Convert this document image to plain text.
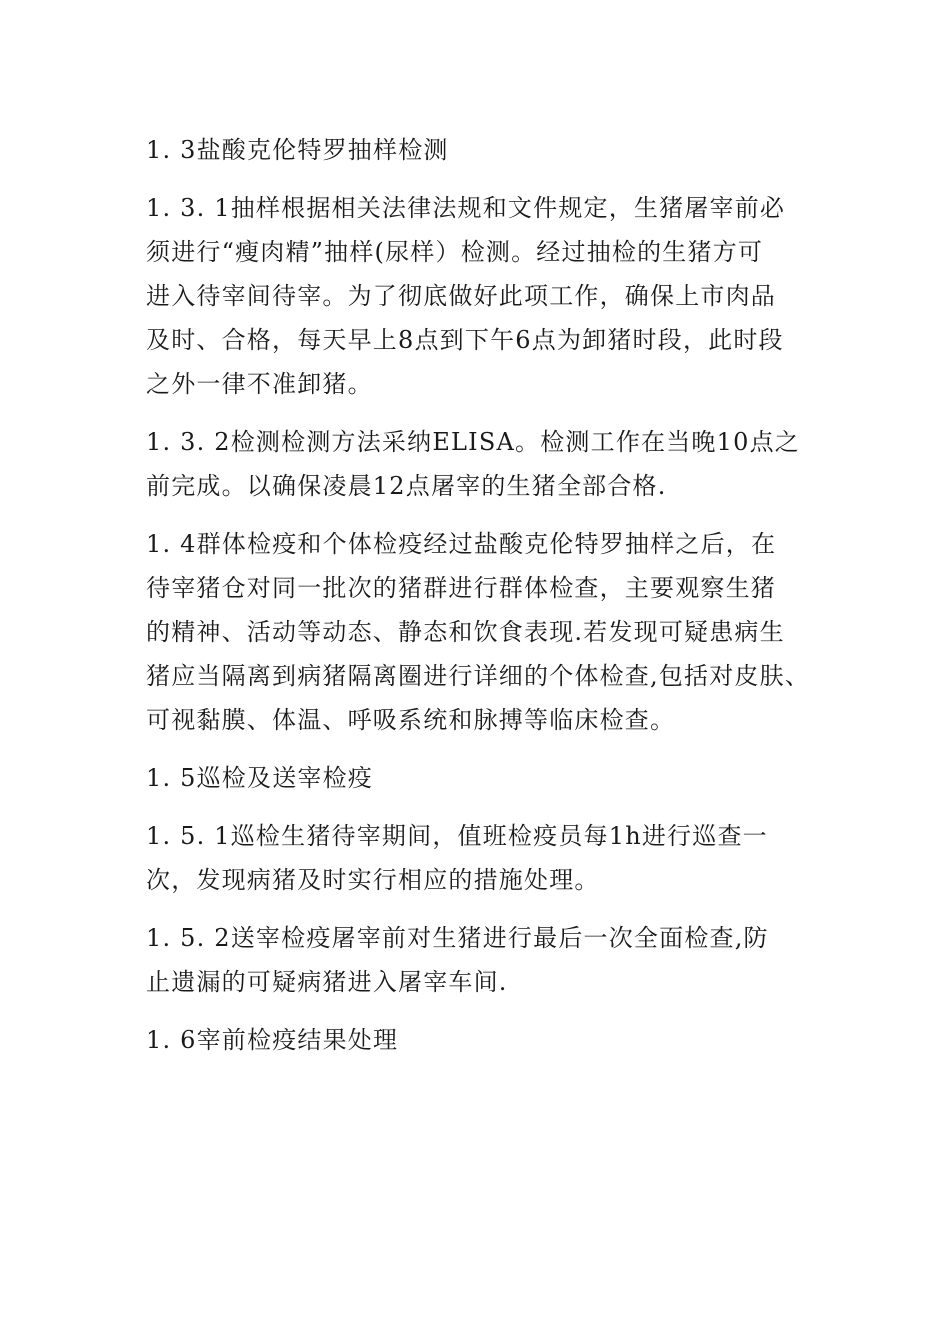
1. 3盐酸克伦特罗抽样检测

1. 3. 1抽样根据相关法律法规和文件规定，生猪屠宰前必
须进行“瘦肉精”抽样(尿样）检测。经过抽检的生猪方可
进入待宰间待宰。为了彻底做好此项工作，确保上市肉品
及时、合格，每天早上8点到下午6点为卸猪时段，此时段
之外一律不准卸猪。

1. 3. 2检测检测方法采纳ELISA。检测工作在当晚10点之
前完成。以确保凌晨12点屠宰的生猪全部合格.

1. 4群体检疫和个体检疫经过盐酸克伦特罗抽样之后，在
待宰猪仓对同一批次的猪群进行群体检查，主要观察生猪
的精神、活动等动态、静态和饮食表现.若发现可疑患病生
猪应当隔离到病猪隔离圈进行详细的个体检查,包括对皮肤、
可视黏膜、体温、呼吸系统和脉搏等临床检查。

1. 5巡检及送宰检疫

1. 5. 1巡检生猪待宰期间，值班检疫员每1h进行巡查一
次，发现病猪及时实行相应的措施处理。

1. 5. 2送宰检疫屠宰前对生猪进行最后一次全面检查,防
止遗漏的可疑病猪进入屠宰车间.

1. 6宰前检疫结果处理
